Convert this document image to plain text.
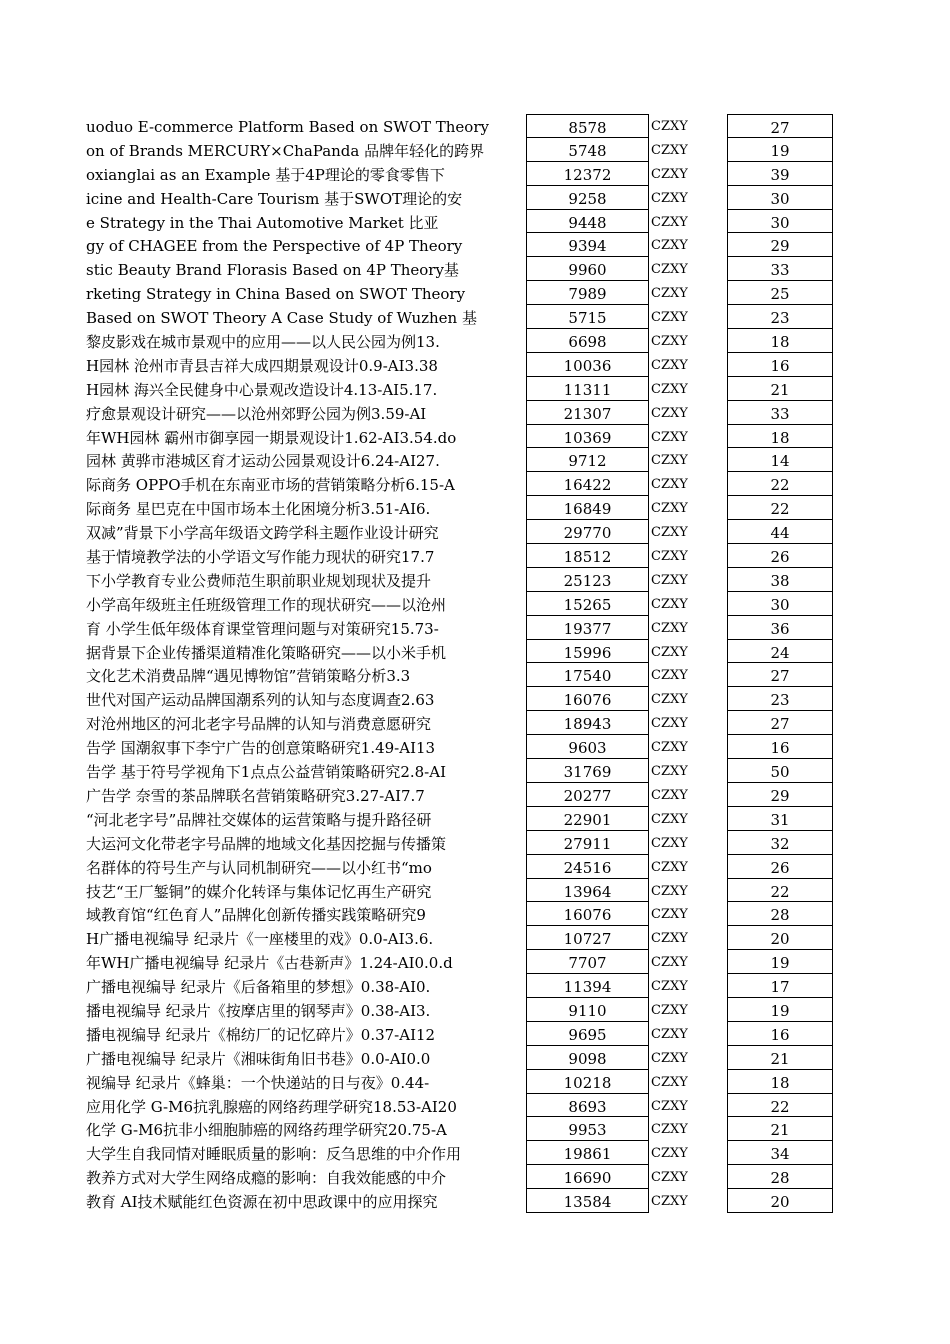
uoduo E-commerce Platform Based on SWOT Theory	8578	CZXY	27
on of Brands MERCURY×ChaPanda 品牌年轻化的跨界	5748	CZXY	19
oxianglai as an Example 基于4P理论的零食零售下	12372	CZXY	39
icine and Health-Care Tourism 基于SWOT理论的安	9258	CZXY	30
e Strategy in the Thai Automotive Market 比亚	9448	CZXY	30
gy of CHAGEE from the Perspective of 4P Theory	9394	CZXY	29
stic Beauty Brand Florasis Based on 4P Theory基	9960	CZXY	33
rketing Strategy in China Based on SWOT Theory	7989	CZXY	25
Based on SWOT Theory A Case Study of Wuzhen 基	5715	CZXY	23
黎皮影戏在城市景观中的应用——以人民公园为例13.	6698	CZXY	18
H园林 沧州市青县吉祥大成四期景观设计0.9-AI3.38	10036	CZXY	16
H园林 海兴全民健身中心景观改造设计4.13-AI5.17.	11311	CZXY	21
疗愈景观设计研究——以沧州郊野公园为例3.59-AI	21307	CZXY	33
年WH园林 霸州市御享园一期景观设计1.62-AI3.54.do	10369	CZXY	18
园林 黄骅市港城区育才运动公园景观设计6.24-AI27.	9712	CZXY	14
际商务 OPPO手机在东南亚市场的营销策略分析6.15-A	16422	CZXY	22
际商务 星巴克在中国市场本土化困境分析3.51-AI6.	16849	CZXY	22
双减”背景下小学高年级语文跨学科主题作业设计研究	29770	CZXY	44
基于情境教学法的小学语文写作能力现状的研究17.7	18512	CZXY	26
下小学教育专业公费师范生职前职业规划现状及提升	25123	CZXY	38
小学高年级班主任班级管理工作的现状研究——以沧州	15265	CZXY	30
育 小学生低年级体育课堂管理问题与对策研究15.73-	19377	CZXY	36
据背景下企业传播渠道精准化策略研究——以小米手机	15996	CZXY	24
文化艺术消费品牌“遇见博物馆”营销策略分析3.3	17540	CZXY	27
世代对国产运动品牌国潮系列的认知与态度调查2.63	16076	CZXY	23
对沧州地区的河北老字号品牌的认知与消费意愿研究	18943	CZXY	27
告学 国潮叙事下李宁广告的创意策略研究1.49-AI13	9603	CZXY	16
告学 基于符号学视角下1点点公益营销策略研究2.8-AI	31769	CZXY	50
广告学 奈雪的茶品牌联名营销策略研究3.27-AI7.7	20277	CZXY	29
“河北老字号”品牌社交媒体的运营策略与提升路径研	22901	CZXY	31
大运河文化带老字号品牌的地域文化基因挖掘与传播策	27911	CZXY	32
名群体的符号生产与认同机制研究——以小红书“mo	24516	CZXY	26
技艺“王厂錾铜”的媒介化转译与集体记忆再生产研究	13964	CZXY	22
域教育馆“红色育人”品牌化创新传播实践策略研究9	16076	CZXY	28
H广播电视编导 纪录片《一座楼里的戏》0.0-AI3.6.	10727	CZXY	20
年WH广播电视编导 纪录片《古巷新声》1.24-AI0.0.d	7707	CZXY	19
广播电视编导 纪录片《后备箱里的梦想》0.38-AI0.	11394	CZXY	17
播电视编导 纪录片《按摩店里的钢琴声》0.38-AI3.	9110	CZXY	19
播电视编导 纪录片《棉纺厂的记忆碎片》0.37-AI12	9695	CZXY	16
广播电视编导 纪录片《湘味街角旧书巷》0.0-AI0.0	9098	CZXY	21
视编导 纪录片《蜂巢：一个快递站的日与夜》0.44-	10218	CZXY	18
应用化学 G-M6抗乳腺癌的网络药理学研究18.53-AI20	8693	CZXY	22
化学 G-M6抗非小细胞肺癌的网络药理学研究20.75-A	9953	CZXY	21
大学生自我同情对睡眠质量的影响：反刍思维的中介作用	19861	CZXY	34
教养方式对大学生网络成瘾的影响：自我效能感的中介	16690	CZXY	28
教育 AI技术赋能红色资源在初中思政课中的应用探究	13584	CZXY	20
